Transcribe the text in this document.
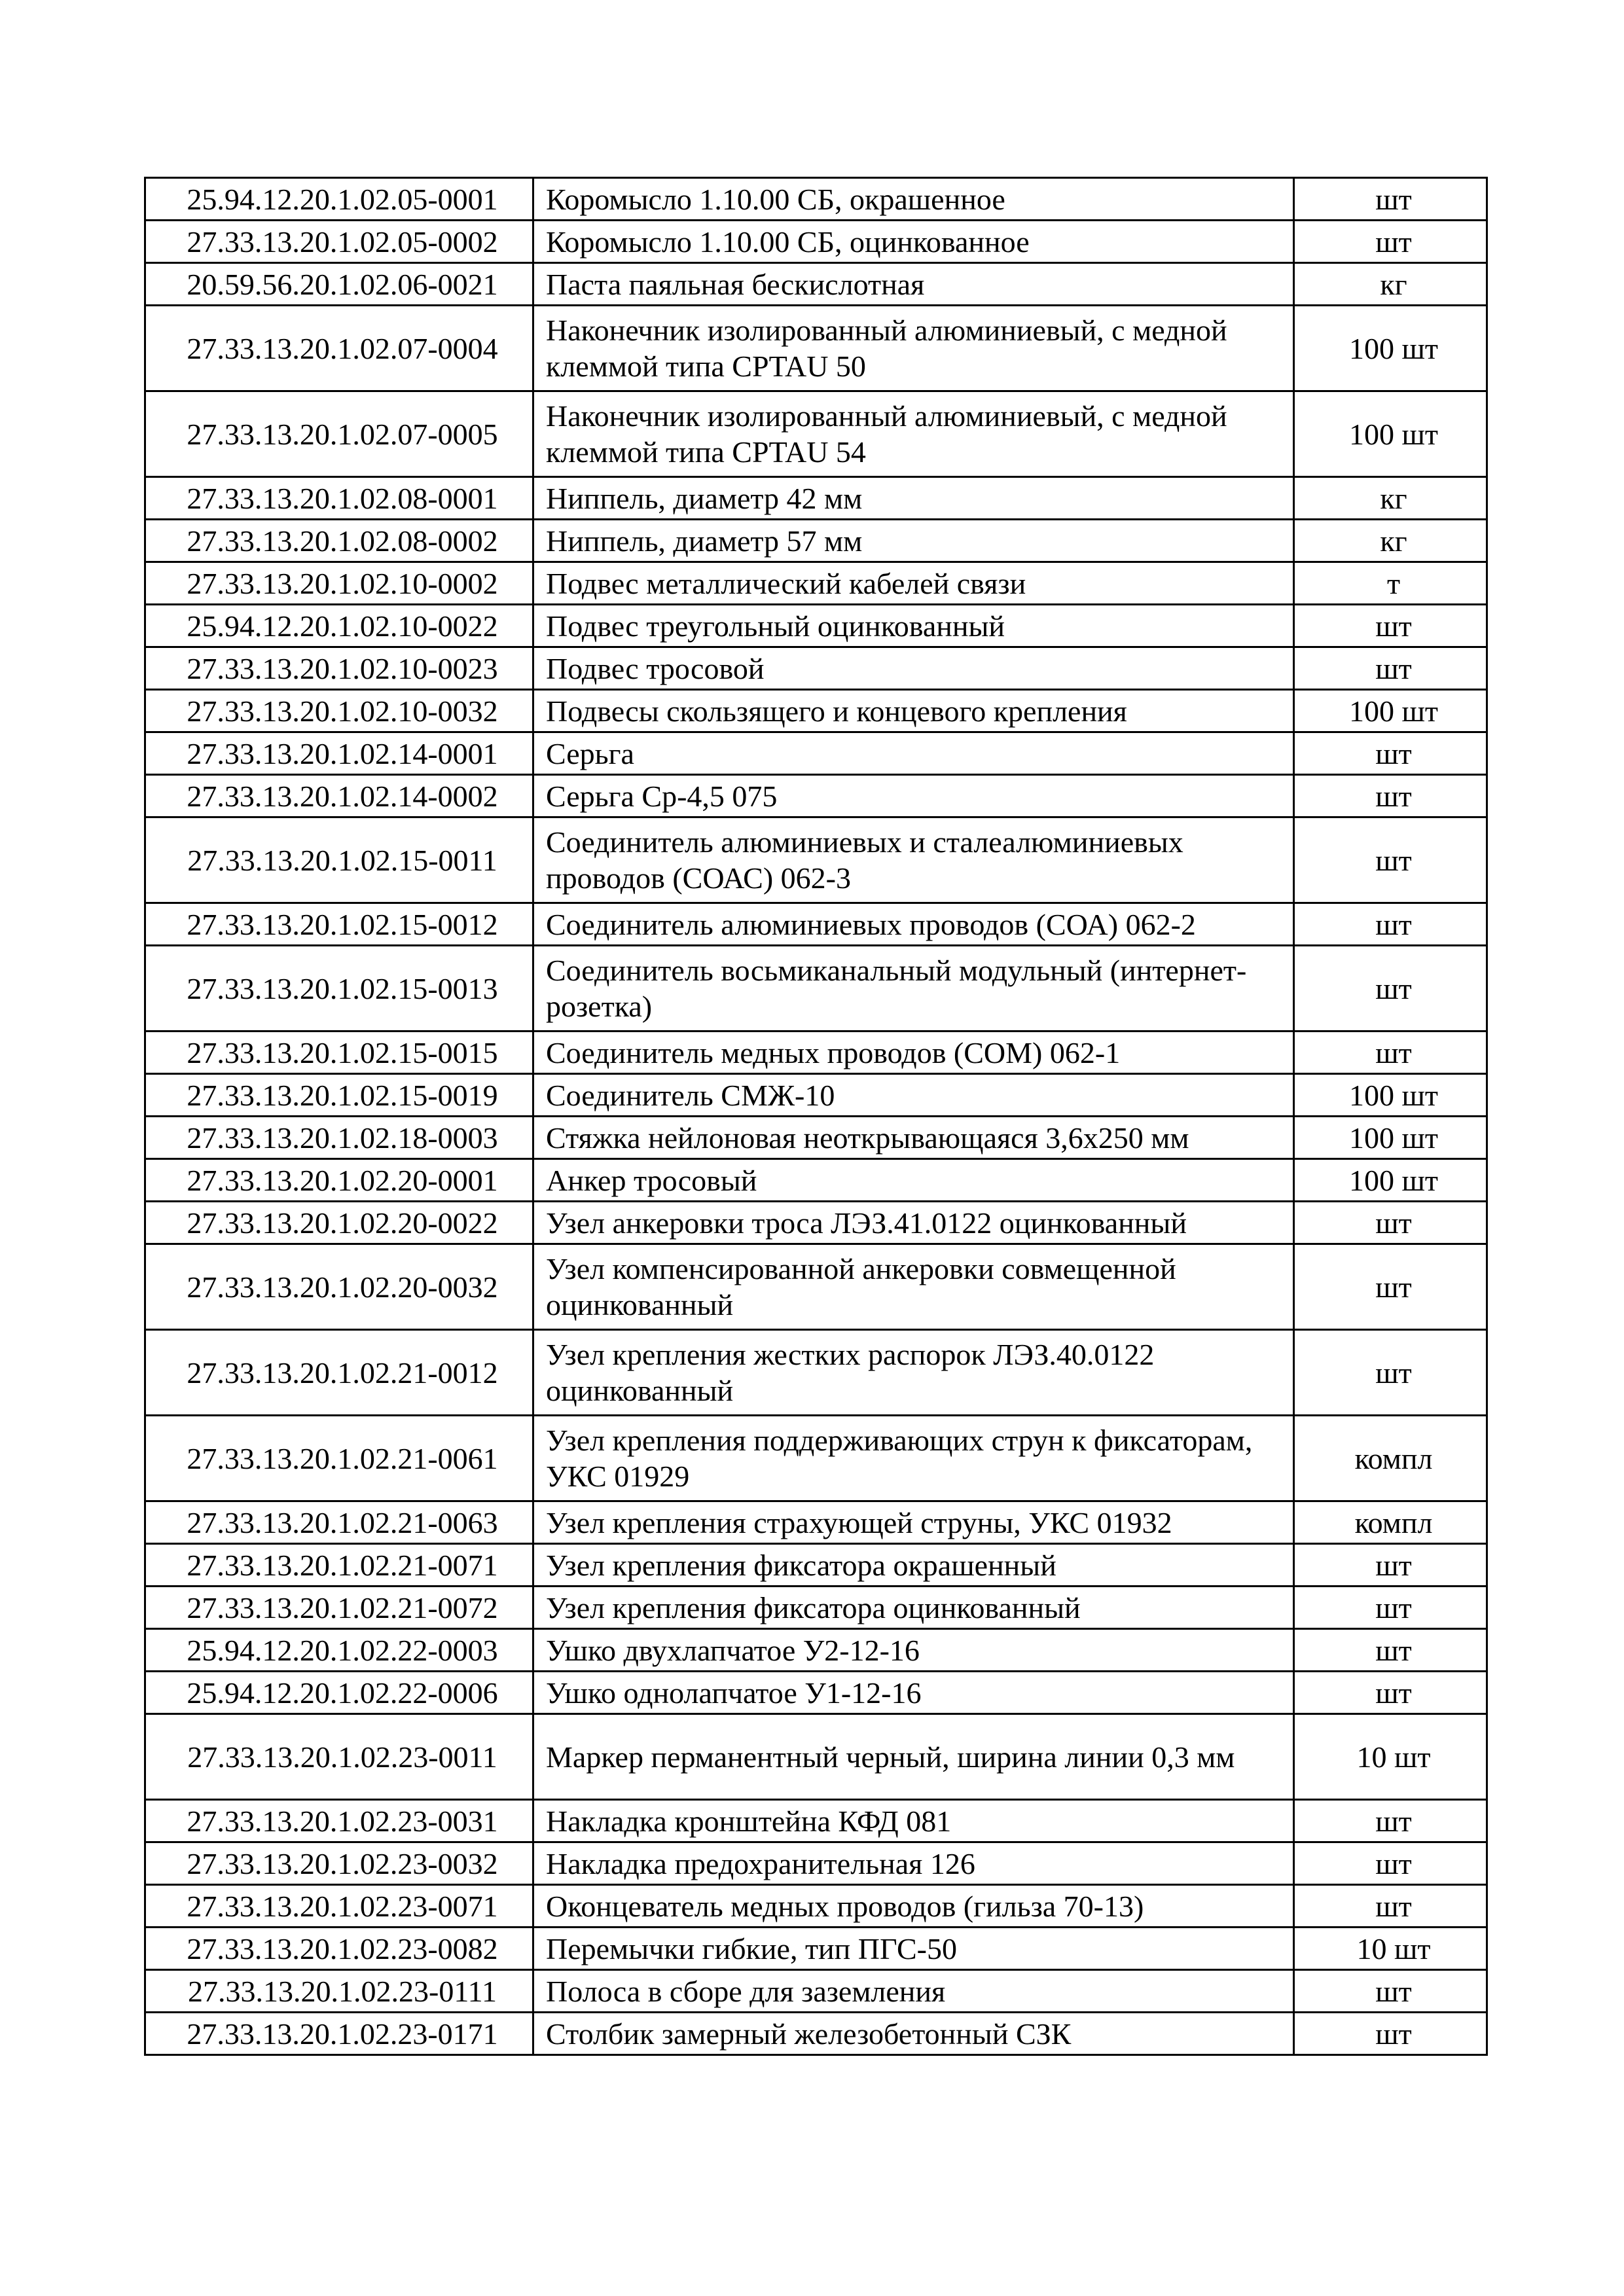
25.94.12.20.1.02.05-0001	Коромысло 1.10.00 СБ, окрашенное	шт
27.33.13.20.1.02.05-0002	Коромысло 1.10.00 СБ, оцинкованное	шт
20.59.56.20.1.02.06-0021	Паста паяльная бескислотная	кг
27.33.13.20.1.02.07-0004	Наконечник изолированный алюминиевый, с медной клеммой типа CPTAU 50	100 шт
27.33.13.20.1.02.07-0005	Наконечник изолированный алюминиевый, с медной клеммой типа CPTAU 54	100 шт
27.33.13.20.1.02.08-0001	Ниппель, диаметр 42 мм	кг
27.33.13.20.1.02.08-0002	Ниппель, диаметр 57 мм	кг
27.33.13.20.1.02.10-0002	Подвес металлический кабелей связи	т
25.94.12.20.1.02.10-0022	Подвес треугольный оцинкованный	шт
27.33.13.20.1.02.10-0023	Подвес тросовой	шт
27.33.13.20.1.02.10-0032	Подвесы скользящего и концевого крепления	100 шт
27.33.13.20.1.02.14-0001	Серьга	шт
27.33.13.20.1.02.14-0002	Серьга Ср-4,5 075	шт
27.33.13.20.1.02.15-0011	Соединитель алюминиевых и сталеалюминиевых проводов (СОАС) 062-3	шт
27.33.13.20.1.02.15-0012	Соединитель алюминиевых проводов (СОА) 062-2	шт
27.33.13.20.1.02.15-0013	Соединитель восьмиканальный модульный (интернет-розетка)	шт
27.33.13.20.1.02.15-0015	Соединитель медных проводов (СОМ) 062-1	шт
27.33.13.20.1.02.15-0019	Соединитель СМЖ-10	100 шт
27.33.13.20.1.02.18-0003	Стяжка нейлоновая неоткрывающаяся 3,6x250 мм	100 шт
27.33.13.20.1.02.20-0001	Анкер тросовый	100 шт
27.33.13.20.1.02.20-0022	Узел анкеровки троса ЛЭЗ.41.0122 оцинкованный	шт
27.33.13.20.1.02.20-0032	Узел компенсированной анкеровки совмещенной оцинкованный	шт
27.33.13.20.1.02.21-0012	Узел крепления жестких распорок ЛЭЗ.40.0122 оцинкованный	шт
27.33.13.20.1.02.21-0061	Узел крепления поддерживающих струн к фиксаторам, УКС 01929	компл
27.33.13.20.1.02.21-0063	Узел крепления страхующей струны, УКС 01932	компл
27.33.13.20.1.02.21-0071	Узел крепления фиксатора окрашенный	шт
27.33.13.20.1.02.21-0072	Узел крепления фиксатора оцинкованный	шт
25.94.12.20.1.02.22-0003	Ушко двухлапчатое У2-12-16	шт
25.94.12.20.1.02.22-0006	Ушко однолапчатое У1-12-16	шт
27.33.13.20.1.02.23-0011	Маркер перманентный черный, ширина линии 0,3 мм	10 шт
27.33.13.20.1.02.23-0031	Накладка кронштейна КФД 081	шт
27.33.13.20.1.02.23-0032	Накладка предохранительная 126	шт
27.33.13.20.1.02.23-0071	Оконцеватель медных проводов (гильза 70-13)	шт
27.33.13.20.1.02.23-0082	Перемычки гибкие, тип ПГС-50	10 шт
27.33.13.20.1.02.23-0111	Полоса в сборе для заземления	шт
27.33.13.20.1.02.23-0171	Столбик замерный железобетонный СЗК	шт
